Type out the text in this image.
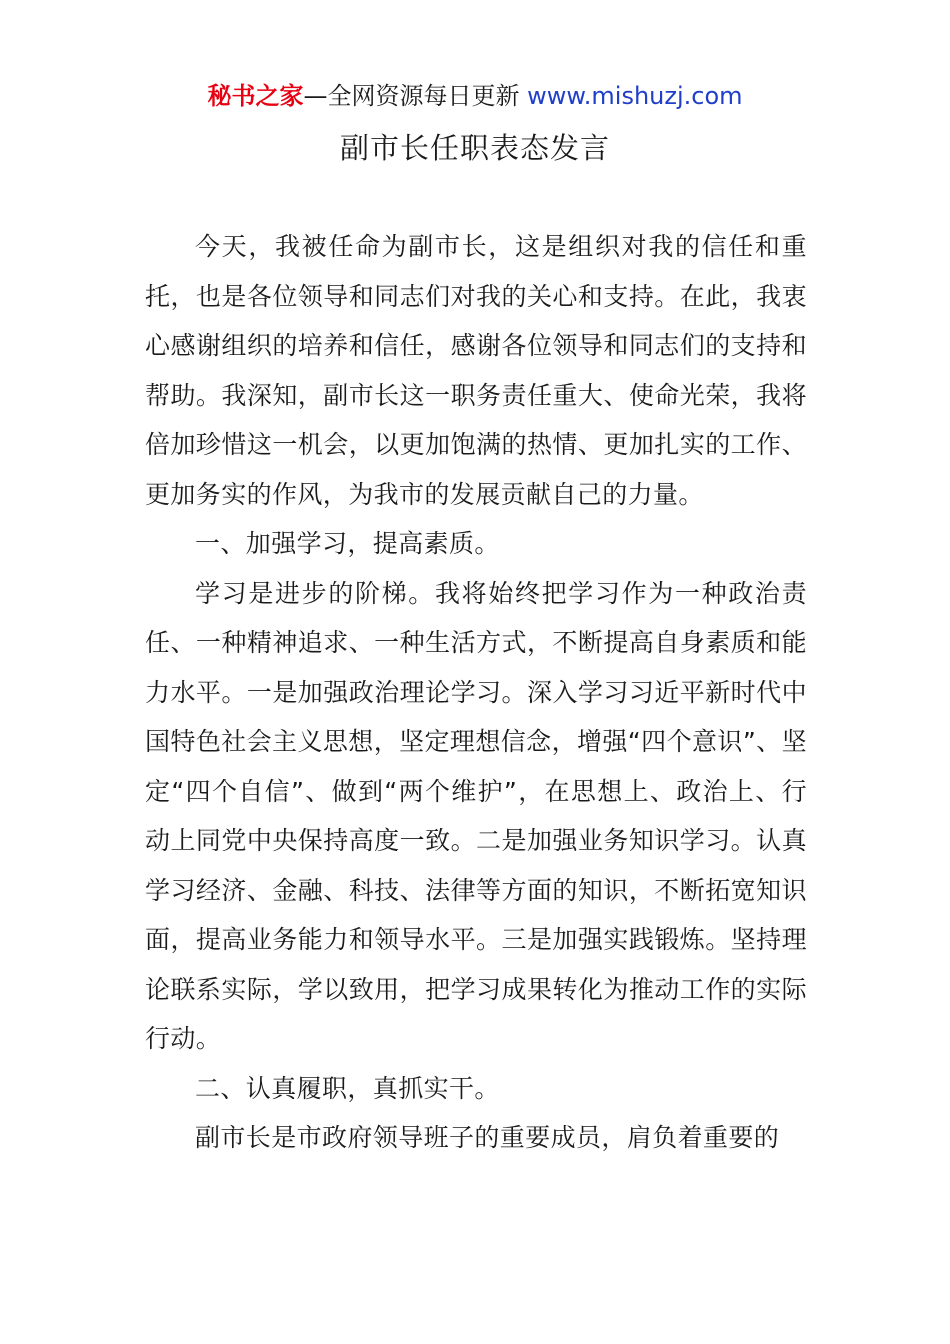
秘书之家—全网资源每日更新 www.mishuzj.com
副市长任职表态发言

今天，我被任命为副市长，这是组织对我的信任和重托，也是各位领导和同志们对我的关心和支持。在此，我衷心感谢组织的培养和信任，感谢各位领导和同志们的支持和帮助。我深知，副市长这一职务责任重大、使命光荣，我将倍加珍惜这一机会，以更加饱满的热情、更加扎实的工作、更加务实的作风，为我市的发展贡献自己的力量。

一、加强学习，提高素质。

学习是进步的阶梯。我将始终把学习作为一种政治责任、一种精神追求、一种生活方式，不断提高自身素质和能力水平。一是加强政治理论学习。深入学习习近平新时代中国特色社会主义思想，坚定理想信念，增强“四个意识”、坚定“四个自信”、做到“两个维护”，在思想上、政治上、行动上同党中央保持高度一致。二是加强业务知识学习。认真学习经济、金融、科技、法律等方面的知识，不断拓宽知识面，提高业务能力和领导水平。三是加强实践锻炼。坚持理论联系实际，学以致用，把学习成果转化为推动工作的实际行动。

二、认真履职，真抓实干。

副市长是市政府领导班子的重要成员，肩负着重要的
